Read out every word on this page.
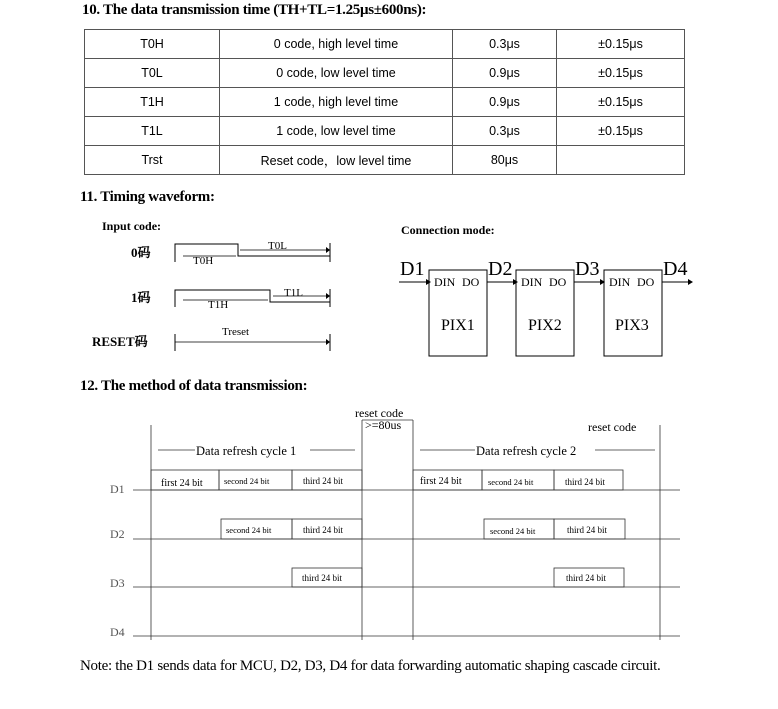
10. The data transmission time (TH+TL=1.25μs±600ns):
T0H	0 code, high level time	0.3μs	±0.15μs
T0L	0 code, low level time	0.9μs	±0.15μs
T1H	1 code, high level time	0.9μs	±0.15μs
T1L	1 code, low level time	0.3μs	±0.15μs
Trst	Reset code，low level time	80μs	
11. Timing waveform:
Input code:
0码
T0H
T0L
1码	T1H
T1L
RESET码
Treset
Connection mode:
D1
DIN DO
PIX1
D2
DIN DO
PIX2
D3
DIN DO
PIX3
D4
12. The method of data transmission:
reset code
>=80us	reset code
Data refresh cycle 1	Data refresh cycle 2
D1	first 24 bit	second 24 bit	third 24 bit	first 24 bit	second 24 bit	third 24 bit
D2	second 24 bit	third 24 bit	second 24 bit	third 24 bit
D3	third 24 bit	third 24 bit
D4
Note: the D1 sends data for MCU, D2, D3, D4 for data forwarding automatic shaping cascade circuit.
